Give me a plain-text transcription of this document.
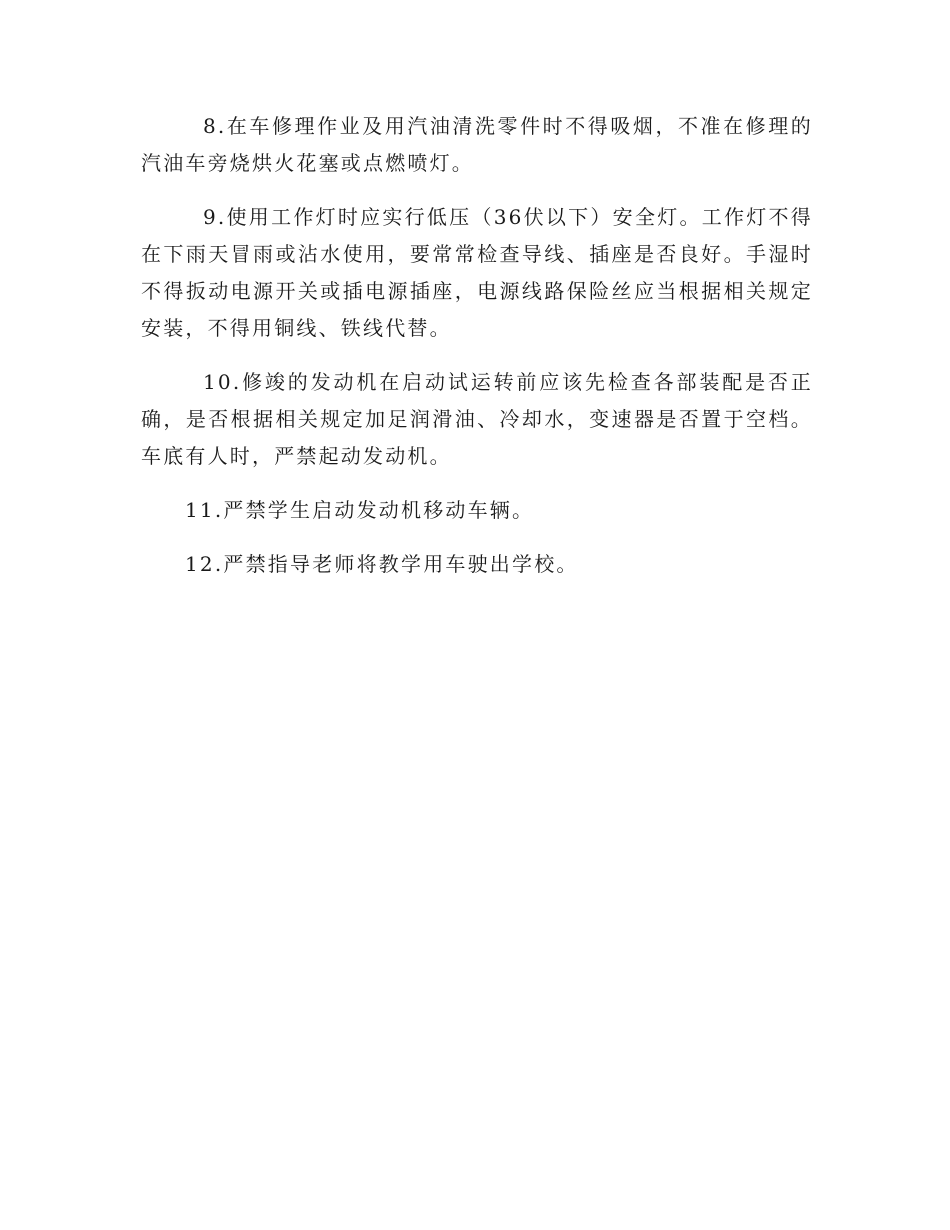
8.在车修理作业及用汽油清洗零件时不得吸烟，不准在修理的汽油车旁烧烘火花塞或点燃喷灯。

9.使用工作灯时应实行低压（36伏以下）安全灯。工作灯不得在下雨天冒雨或沾水使用，要常常检查导线、插座是否良好。手湿时不得扳动电源开关或插电源插座，电源线路保险丝应当根据相关规定安装，不得用铜线、铁线代替。

10.修竣的发动机在启动试运转前应该先检查各部装配是否正确，是否根据相关规定加足润滑油、冷却水，变速器是否置于空档。车底有人时，严禁起动发动机。

11.严禁学生启动发动机移动车辆。

12.严禁指导老师将教学用车驶出学校。
